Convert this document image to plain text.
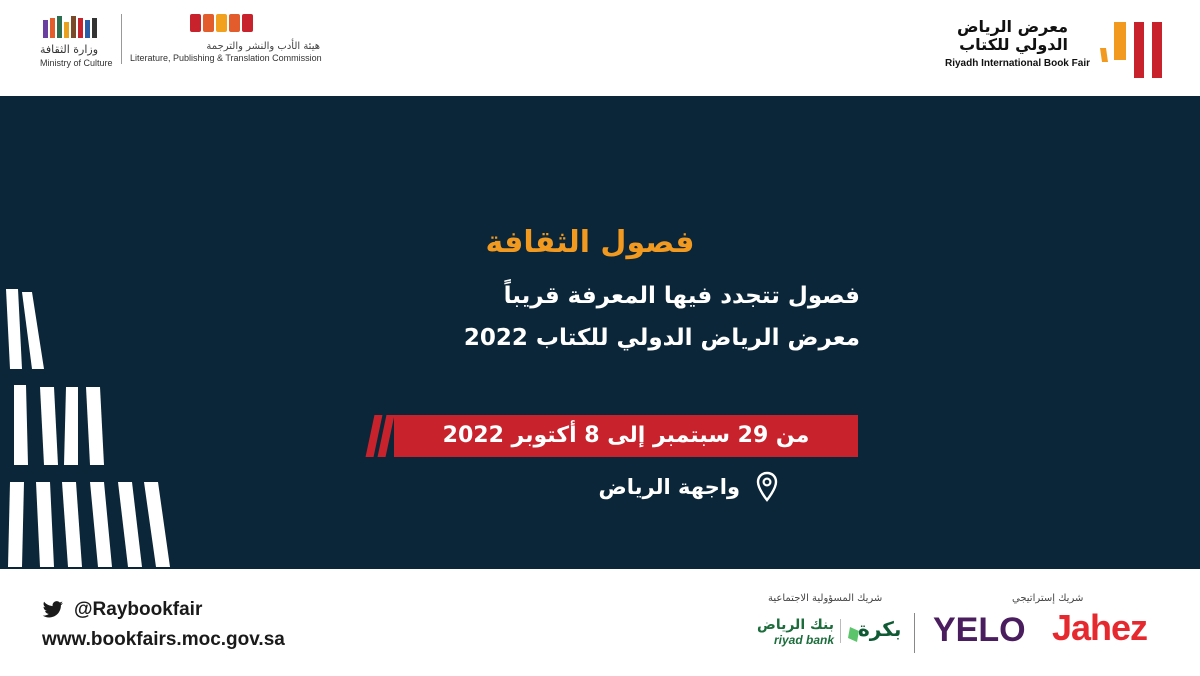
وزارة الثقافة
Ministry of Culture
هيئة الأدب والنشر والترجمة
Literature, Publishing & Translation Commission
معرض الرياض
الدولي للكتاب
Riyadh International Book Fair
فصول الثقافة
فصول تتجدد فيها المعرفة قريباً
معرض الرياض الدولي للكتاب 2022
من 29 سبتمبر إلى 8 أكتوبر 2022
واجهة الرياض
@Raybookfair
www.bookfairs.moc.gov.sa
شريك المسؤولية الاجتماعية	شريك إستراتيجي
بنك الرياض
riyad bank بكرة YELO Jahez
